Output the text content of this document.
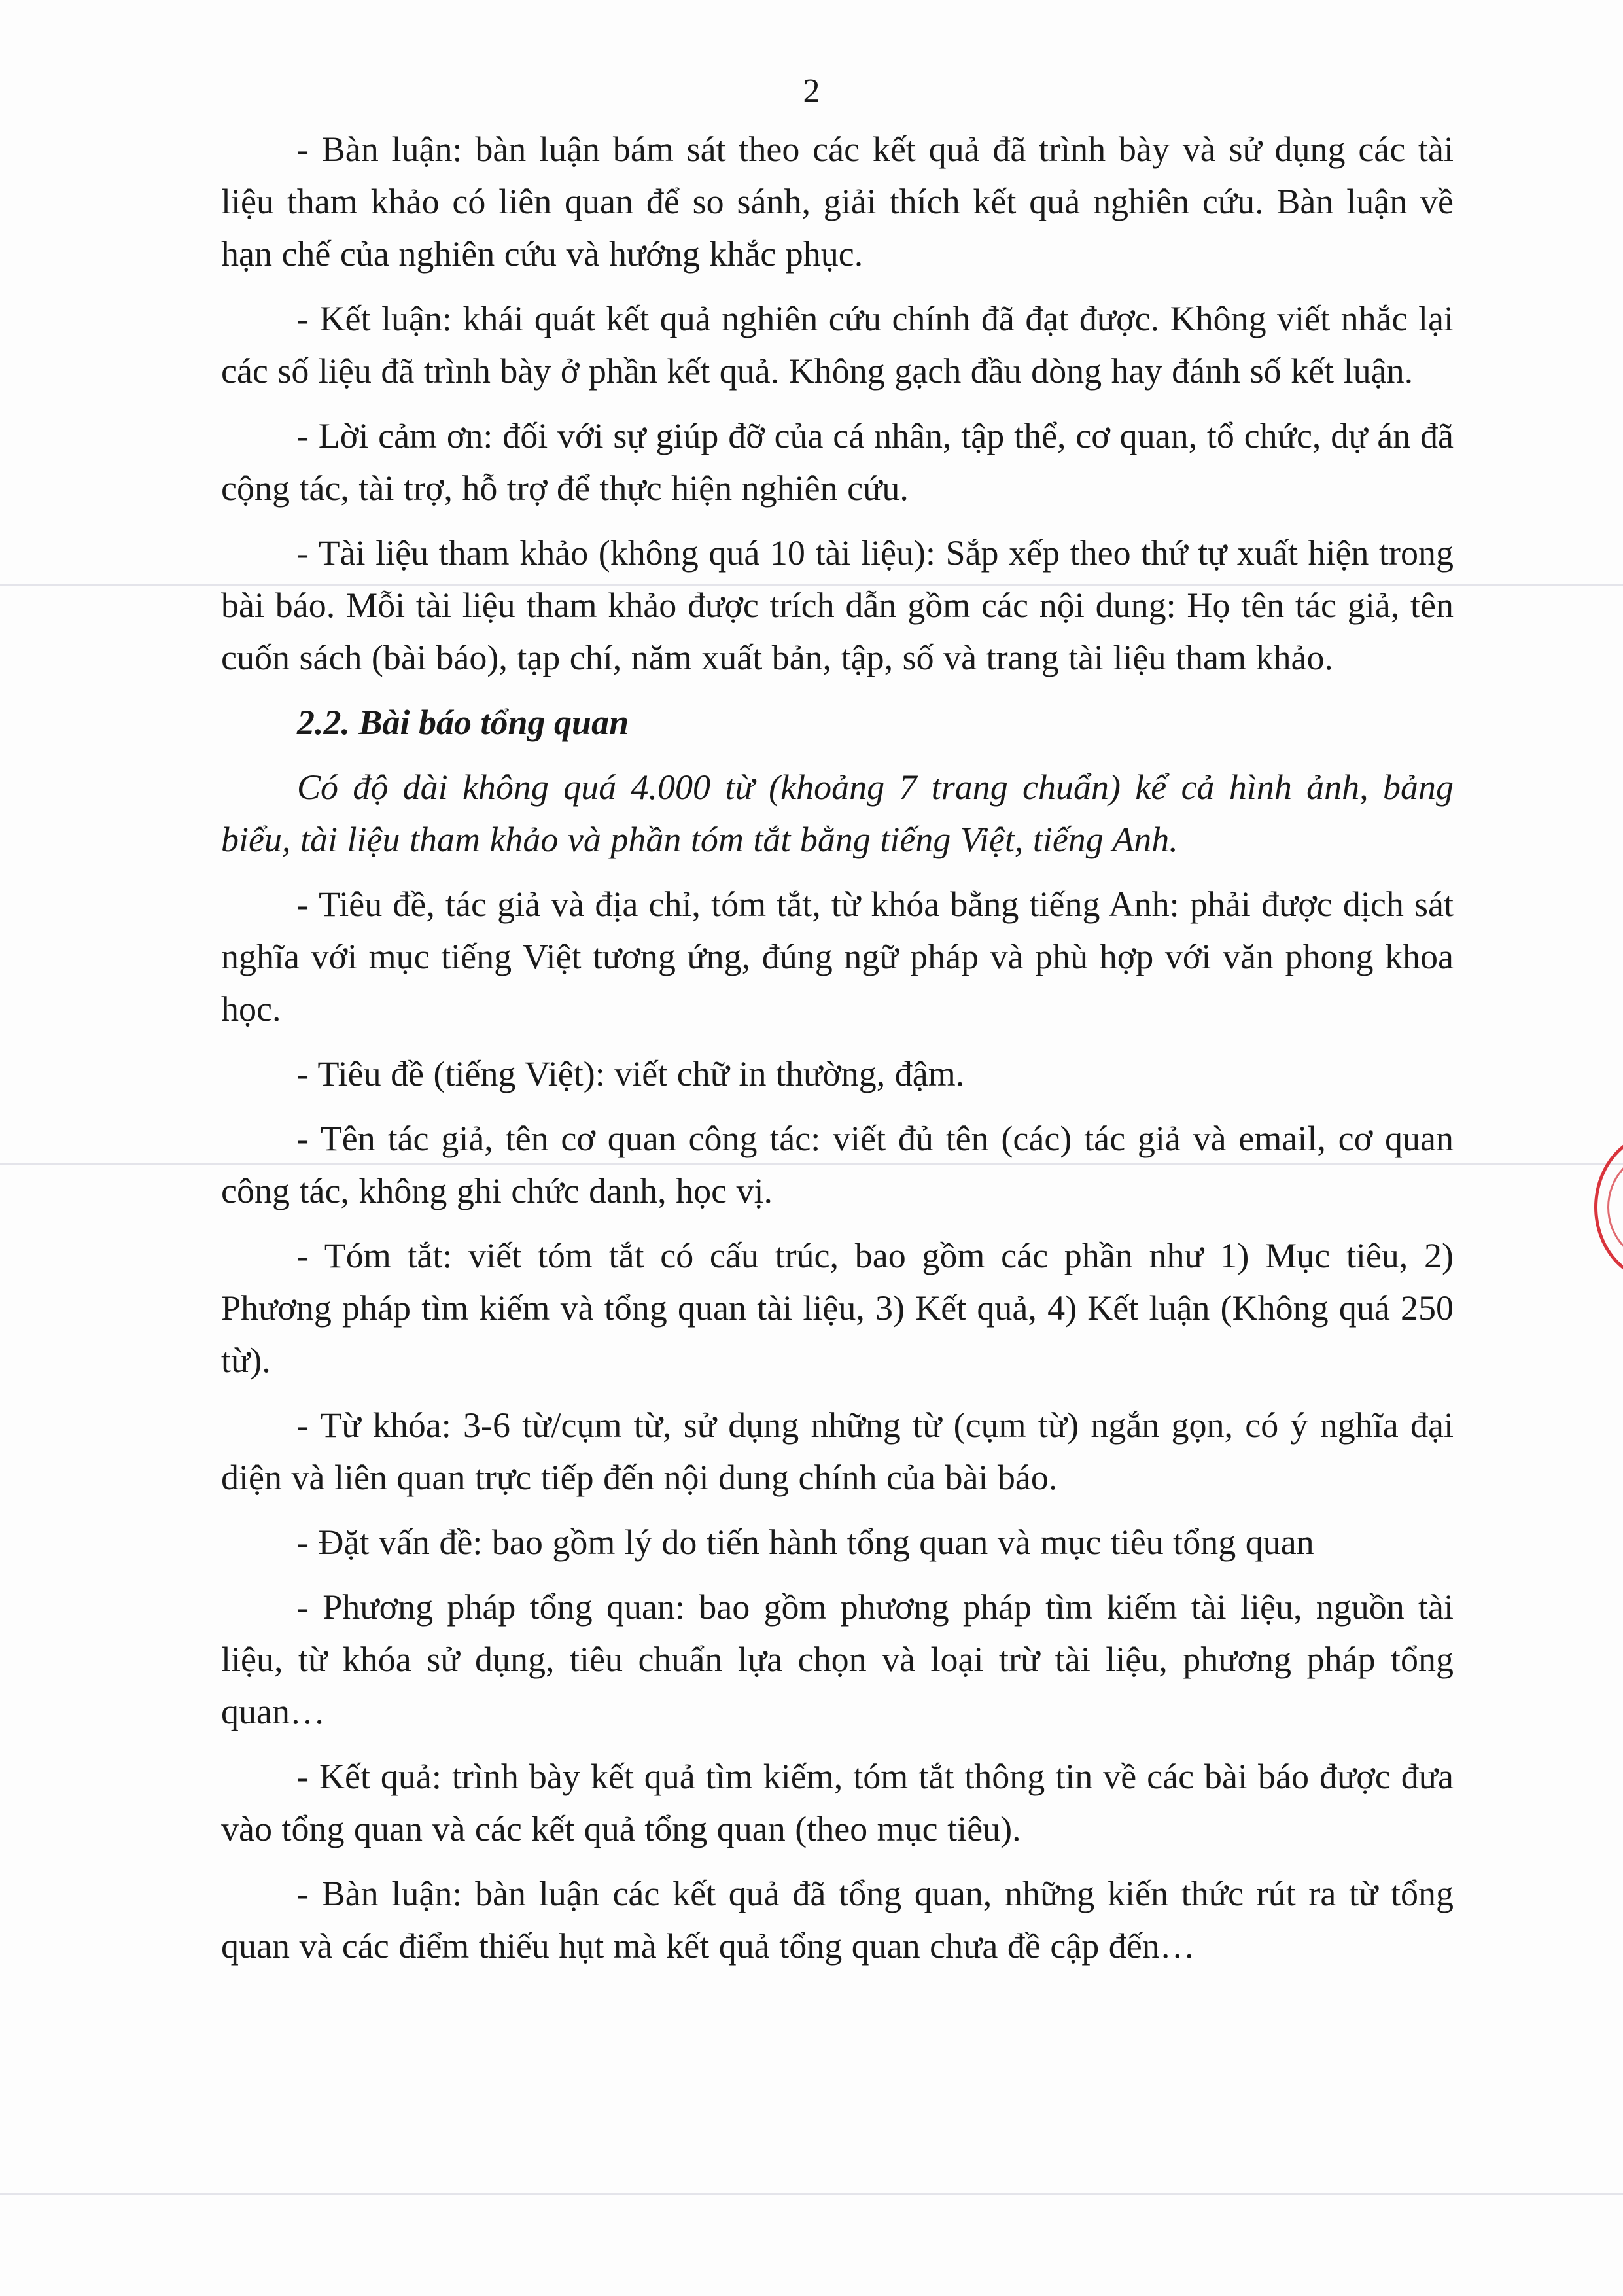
2

- Bàn luận: bàn luận bám sát theo các kết quả đã trình bày và sử dụng các tài liệu tham khảo có liên quan để so sánh, giải thích kết quả nghiên cứu. Bàn luận về hạn chế của nghiên cứu và hướng khắc phục.

- Kết luận: khái quát kết quả nghiên cứu chính đã đạt được. Không viết nhắc lại các số liệu đã trình bày ở phần kết quả. Không gạch đầu dòng hay đánh số kết luận.

- Lời cảm ơn: đối với sự giúp đỡ của cá nhân, tập thể, cơ quan, tổ chức, dự án đã cộng tác, tài trợ, hỗ trợ để thực hiện nghiên cứu.

- Tài liệu tham khảo (không quá 10 tài liệu): Sắp xếp theo thứ tự xuất hiện trong bài báo. Mỗi tài liệu tham khảo được trích dẫn gồm các nội dung: Họ tên tác giả, tên cuốn sách (bài báo), tạp chí, năm xuất bản, tập, số và trang tài liệu tham khảo.

2.2. Bài báo tổng quan

Có độ dài không quá 4.000 từ (khoảng 7 trang chuẩn) kể cả hình ảnh, bảng biểu, tài liệu tham khảo và phần tóm tắt bằng tiếng Việt, tiếng Anh.

- Tiêu đề, tác giả và địa chỉ, tóm tắt, từ khóa bằng tiếng Anh: phải được dịch sát nghĩa với mục tiếng Việt tương ứng, đúng ngữ pháp và phù hợp với văn phong khoa học.

- Tiêu đề (tiếng Việt): viết chữ in thường, đậm.

- Tên tác giả, tên cơ quan công tác: viết đủ tên (các) tác giả và email, cơ quan công tác, không ghi chức danh, học vị.

- Tóm tắt: viết tóm tắt có cấu trúc, bao gồm các phần như 1) Mục tiêu, 2) Phương pháp tìm kiếm và tổng quan tài liệu, 3) Kết quả, 4) Kết luận (Không quá 250 từ).

- Từ khóa: 3-6 từ/cụm từ, sử dụng những từ (cụm từ) ngắn gọn, có ý nghĩa đại diện và liên quan trực tiếp đến nội dung chính của bài báo.

- Đặt vấn đề: bao gồm lý do tiến hành tổng quan và mục tiêu tổng quan

- Phương pháp tổng quan: bao gồm phương pháp tìm kiếm tài liệu, nguồn tài liệu, từ khóa sử dụng, tiêu chuẩn lựa chọn và loại trừ tài liệu, phương pháp tổng quan…

- Kết quả: trình bày kết quả tìm kiếm, tóm tắt thông tin về các bài báo được đưa vào tổng quan và các kết quả tổng quan (theo mục tiêu).

- Bàn luận: bàn luận các kết quả đã tổng quan, những kiến thức rút ra từ tổng quan và các điểm thiếu hụt mà kết quả tổng quan chưa đề cập đến…
